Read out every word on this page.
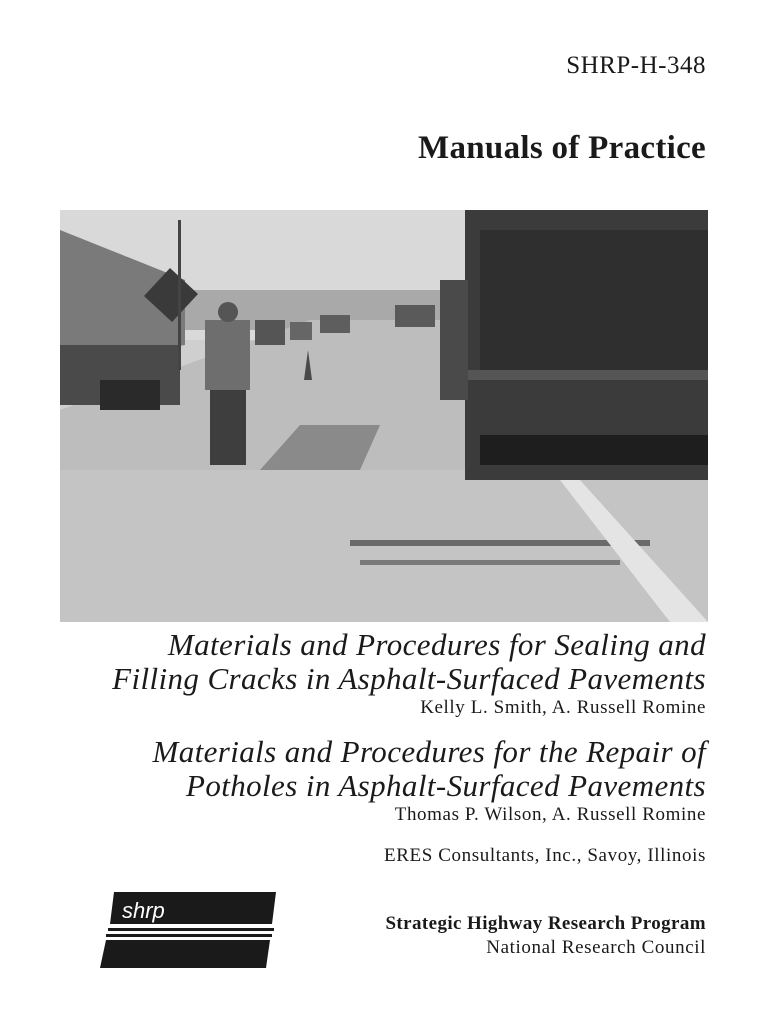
SHRP-H-348
Manuals of Practice
Materials and Procedures for Sealing and
Filling Cracks in Asphalt-Surfaced Pavements
Kelly L. Smith, A. Russell Romine
Materials and Procedures for the Repair of
Potholes in Asphalt-Surfaced Pavements
Thomas P. Wilson, A. Russell Romine
ERES Consultants, Inc., Savoy, Illinois
shrp
Strategic Highway Research Program
National Research Council
